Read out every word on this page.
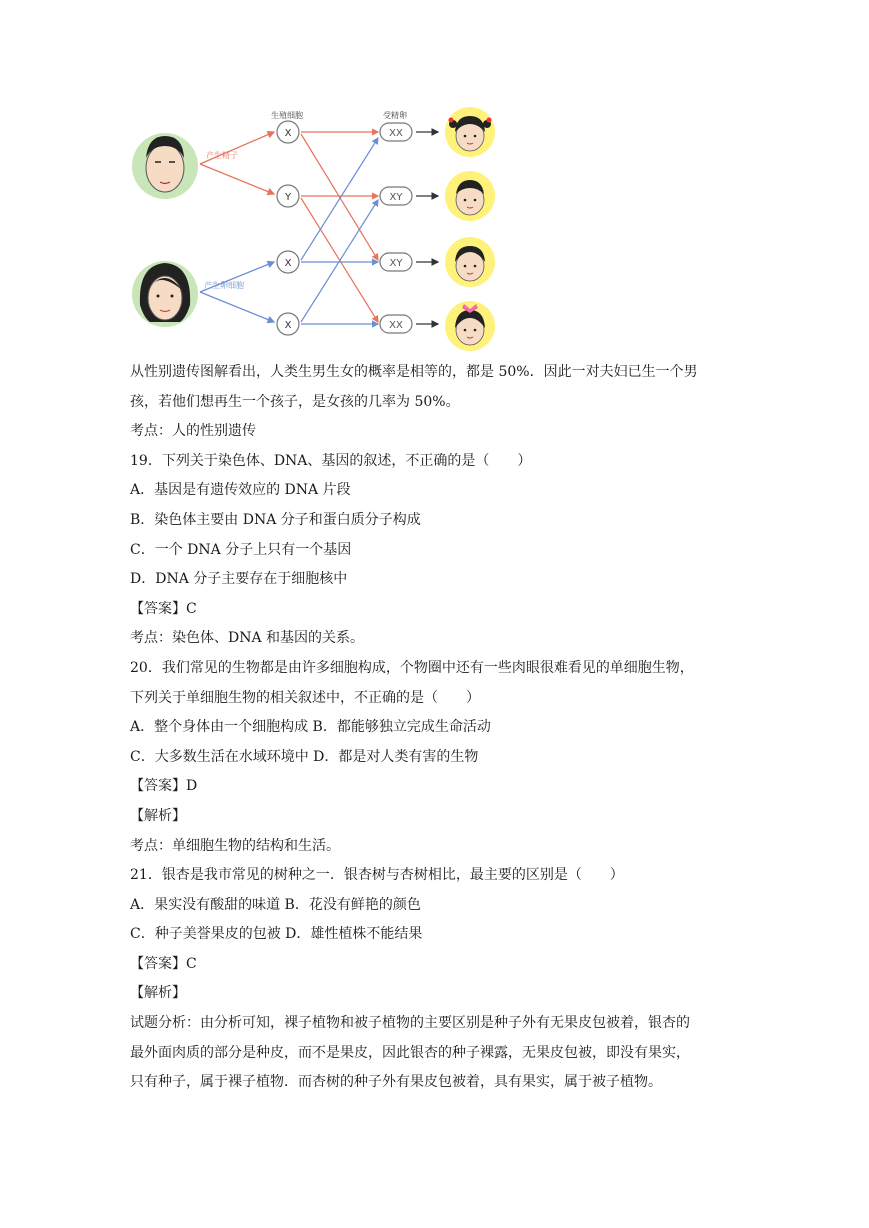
生殖细胞	受精卵
产生精子
产生卵细胞
X
Y
X
X
XX
XY
XY
XX
从性别遗传图解看出，人类生男生女的概率是相等的，都是 50%．因此一对夫妇已生一个男
孩，若他们想再生一个孩子，是女孩的几率为 50%。
考点：人的性别遗传
19．下列关于染色体、DNA、基因的叙述，不正确的是（　　）
A．基因是有遗传效应的 DNA 片段
B．染色体主要由 DNA 分子和蛋白质分子构成
C．一个 DNA 分子上只有一个基因
D．DNA 分子主要存在于细胞核中
【答案】C
考点：染色体、DNA 和基因的关系。
20．我们常见的生物都是由许多细胞构成，个物圈中还有一些肉眼很难看见的单细胞生物，
下列关于单细胞生物的相关叙述中，不正确的是（　　）
A．整个身体由一个细胞构成 B．都能够独立完成生命活动
C．大多数生活在水域环境中 D．都是对人类有害的生物
【答案】D
【解析】
考点：单细胞生物的结构和生活。
21．银杏是我市常见的树种之一．银杏树与杏树相比，最主要的区别是（　　）
A．果实没有酸甜的味道 B．花没有鲜艳的颜色
C．种子美誉果皮的包被 D．雄性植株不能结果
【答案】C
【解析】
试题分析：由分析可知，裸子植物和被子植物的主要区别是种子外有无果皮包被着，银杏的
最外面肉质的部分是种皮，而不是果皮，因此银杏的种子裸露，无果皮包被，即没有果实，
只有种子，属于裸子植物．而杏树的种子外有果皮包被着，具有果实，属于被子植物。
